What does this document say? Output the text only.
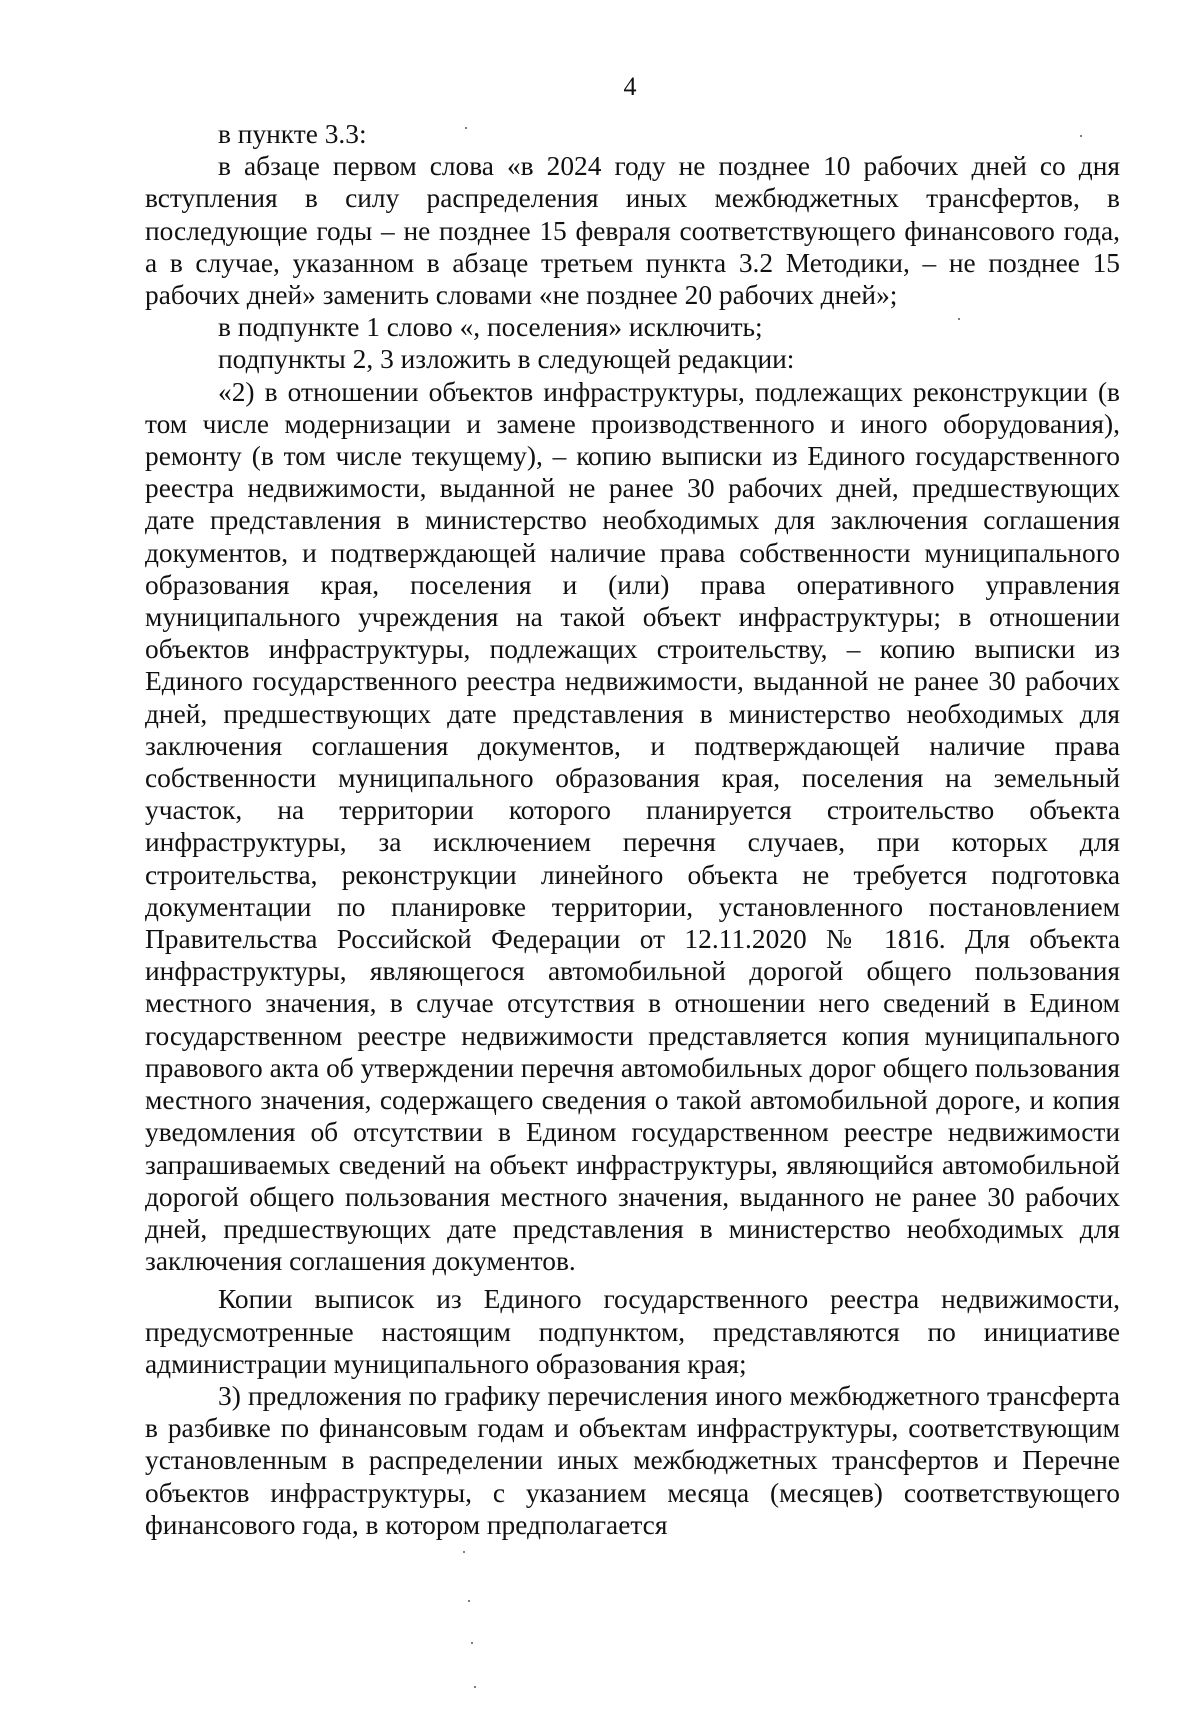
4

в пункте 3.3:

в абзаце первом слова «в 2024 году не позднее 10 рабочих дней со дня вступления в силу распределения иных межбюджетных трансфертов, в последующие годы – не позднее 15 февраля соответствующего финансового года, а в случае, указанном в абзаце третьем пункта 3.2 Методики, – не позднее 15 рабочих дней» заменить словами «не позднее 20 рабочих дней»;

в подпункте 1 слово «, поселения» исключить;

подпункты 2, 3 изложить в следующей редакции:

«2) в отношении объектов инфраструктуры, подлежащих реконструкции (в том числе модернизации и замене производственного и иного оборудования), ремонту (в том числе текущему), – копию выписки из Единого государственного реестра недвижимости, выданной не ранее 30 рабочих дней, предшествующих дате представления в министерство необходимых для заключения соглашения документов, и подтверждающей наличие права собственности муниципального образования края, поселения и (или) права оперативного управления муниципального учреждения на такой объект инфраструктуры; в отношении объектов инфраструктуры, подлежащих строительству, – копию выписки из Единого государственного реестра недвижимости, выданной не ранее 30 рабочих дней, предшествующих дате представления в министерство необходимых для заключения соглашения документов, и подтверждающей наличие права собственности муниципального образования края, поселения на земельный участок, на территории которого планируется строительство объекта инфраструктуры, за исключением перечня случаев, при которых для строительства, реконструкции линейного объекта не требуется подготовка документации по планировке территории, установленного постановлением Правительства Российской Федерации от 12.11.2020 № 1816. Для объекта инфраструктуры, являющегося автомобильной дорогой общего пользования местного значения, в случае отсутствия в отношении него сведений в Едином государственном реестре недвижимости представляется копия муниципального правового акта об утверждении перечня автомобильных дорог общего пользования местного значения, содержащего сведения о такой автомобильной дороге, и копия уведомления об отсутствии в Едином государственном реестре недвижимости запрашиваемых сведений на объект инфраструктуры, являющийся автомобильной дорогой общего пользования местного значения, выданного не ранее 30 рабочих дней, предшествующих дате представления в министерство необходимых для заключения соглашения документов.

Копии выписок из Единого государственного реестра недвижимости, предусмотренные настоящим подпунктом, представляются по инициативе администрации муниципального образования края;

3) предложения по графику перечисления иного межбюджетного трансферта в разбивке по финансовым годам и объектам инфраструктуры, соответствующим установленным в распределении иных межбюджетных трансфертов и Перечне объектов инфраструктуры, с указанием месяца (месяцев) соответствующего финансового года, в котором предполагается
